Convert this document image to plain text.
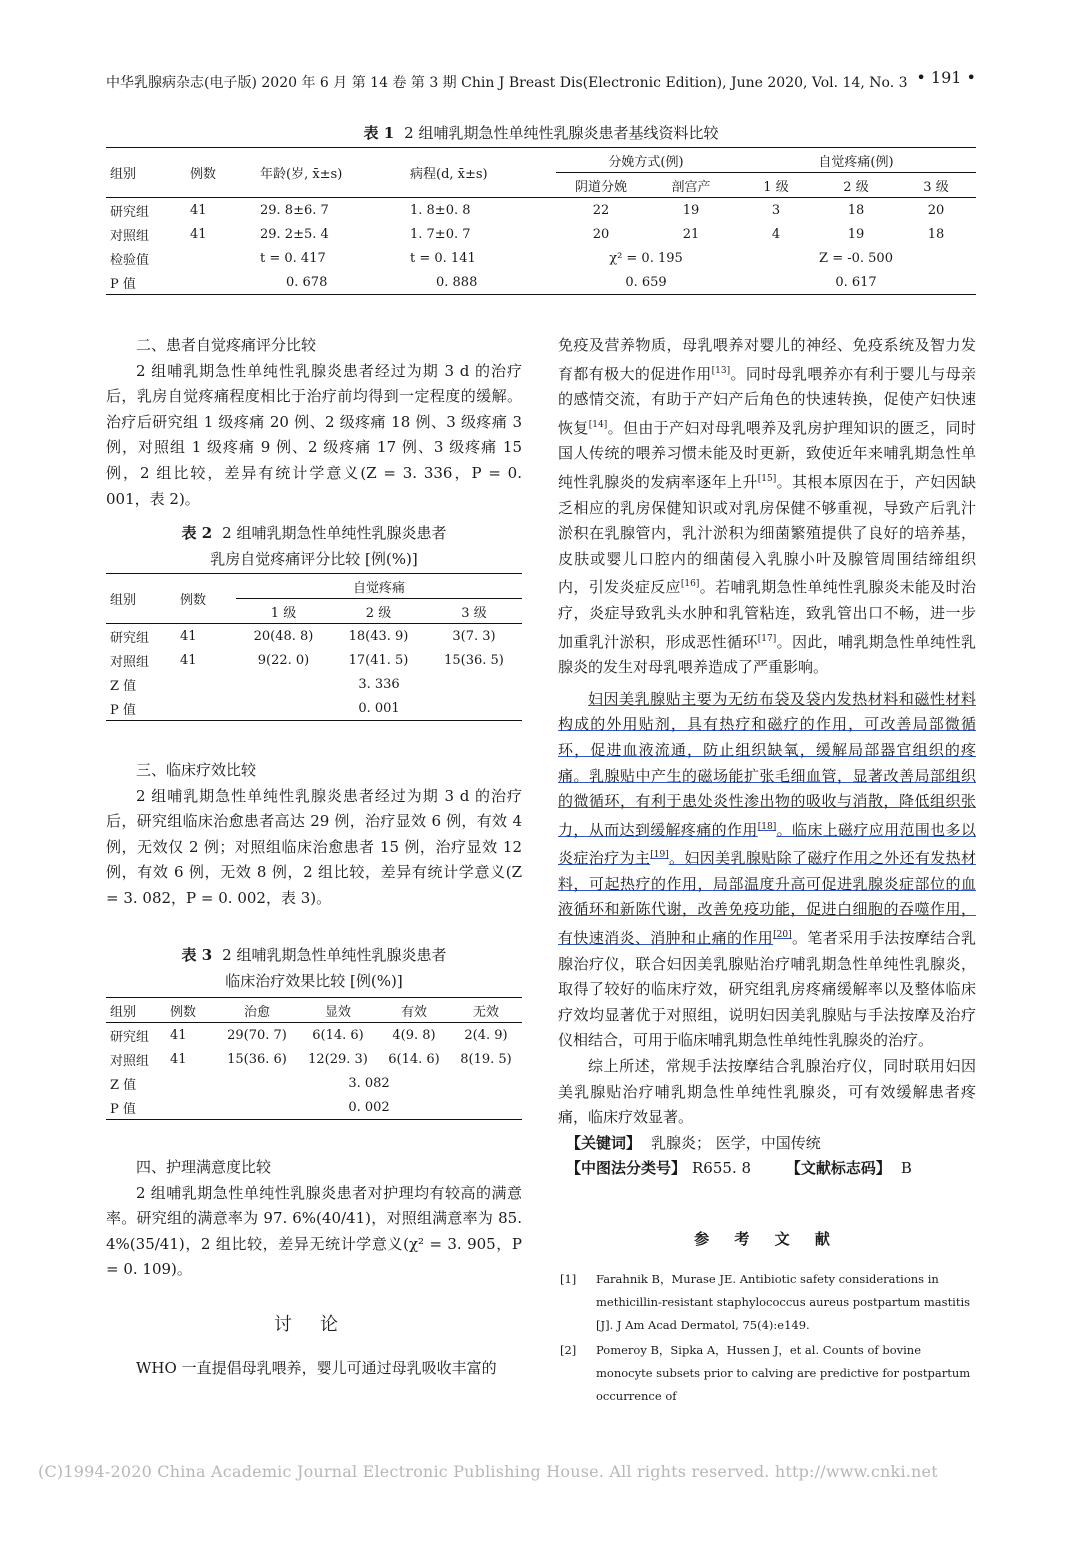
中华乳腺病杂志(电子版) 2020 年 6 月 第 14 卷 第 3 期 Chin J Breast Dis(Electronic Edition), June 2020, Vol. 14, No. 3 • 191 •
表 1 2 组哺乳期急性单纯性乳腺炎患者基线资料比较
组别	例数	年龄(岁, x̄±s)	病程(d, x̄±s)	分娩方式(例)		自觉疼痛(例)		
				阴道分娩	剖宫产	1 级	2 级	3 级
研究组	41	29. 8±6. 7	1. 8±0. 8	22	19	3	18	20
对照组	41	29. 2±5. 4	1. 7±0. 7	20	21	4	19	18
检验值		t = 0. 417	t = 0. 141	χ² = 0. 195		Z = -0. 500		
P 值		0. 678	0. 888	0. 659		0. 617		
二、患者自觉疼痛评分比较

2 组哺乳期急性单纯性乳腺炎患者经过为期 3 d 的治疗后，乳房自觉疼痛程度相比于治疗前均得到一定程度的缓解。治疗后研究组 1 级疼痛 20 例、2 级疼痛 18 例、3 级疼痛 3 例，对照组 1 级疼痛 9 例、2 级疼痛 17 例、3 级疼痛 15 例，2 组比较，差异有统计学意义(Z = 3. 336，P = 0. 001，表 2)。

表 2 2 组哺乳期急性单纯性乳腺炎患者
乳房自觉疼痛评分比较 [例(%)]
组别	例数	自觉疼痛		
		1 级	2 级	3 级
研究组	41	20(48. 8)	18(43. 9)	3(7. 3)
对照组	41	9(22. 0)	17(41. 5)	15(36. 5)
Z 值		3. 336		
P 值		0. 001		
三、临床疗效比较

2 组哺乳期急性单纯性乳腺炎患者经过为期 3 d 的治疗后，研究组临床治愈患者高达 29 例，治疗显效 6 例，有效 4 例，无效仅 2 例；对照组临床治愈患者 15 例，治疗显效 12 例，有效 6 例，无效 8 例，2 组比较，差异有统计学意义(Z = 3. 082，P = 0. 002，表 3)。

表 3 2 组哺乳期急性单纯性乳腺炎患者
临床治疗效果比较 [例(%)]
组别	例数	治愈	显效	有效	无效
研究组	41	29(70. 7)	6(14. 6)	4(9. 8)	2(4. 9)
对照组	41	15(36. 6)	12(29. 3)	6(14. 6)	8(19. 5)
Z 值		3. 082			
P 值		0. 002			
四、护理满意度比较

2 组哺乳期急性单纯性乳腺炎患者对护理均有较高的满意率。研究组的满意率为 97. 6%(40/41)，对照组满意率为 85. 4%(35/41)，2 组比较，差异无统计学意义(χ² = 3. 905，P = 0. 109)。

讨论

WHO 一直提倡母乳喂养，婴儿可通过母乳吸收丰富的

免疫及营养物质，母乳喂养对婴儿的神经、免疫系统及智力发育都有极大的促进作用[13]。同时母乳喂养亦有利于婴儿与母亲的感情交流，有助于产妇产后角色的快速转换，促使产妇快速恢复[14]。但由于产妇对母乳喂养及乳房护理知识的匮乏，同时国人传统的喂养习惯未能及时更新，致使近年来哺乳期急性单纯性乳腺炎的发病率逐年上升[15]。其根本原因在于，产妇因缺乏相应的乳房保健知识或对乳房保健不够重视，导致产后乳汁淤积在乳腺管内，乳汁淤积为细菌繁殖提供了良好的培养基，皮肤或婴儿口腔内的细菌侵入乳腺小叶及腺管周围结缔组织内，引发炎症反应[16]。若哺乳期急性单纯性乳腺炎未能及时治疗，炎症导致乳头水肿和乳管粘连，致乳管出口不畅，进一步加重乳汁淤积，形成恶性循环[17]。因此，哺乳期急性单纯性乳腺炎的发生对母乳喂养造成了严重影响。

妇因美乳腺贴主要为无纺布袋及袋内发热材料和磁性材料构成的外用贴剂，具有热疗和磁疗的作用，可改善局部微循环，促进血液流通，防止组织缺氧，缓解局部器官组织的疼痛。乳腺贴中产生的磁场能扩张毛细血管，显著改善局部组织的微循环，有利于患处炎性渗出物的吸收与消散，降低组织张力，从而达到缓解疼痛的作用[18]。临床上磁疗应用范围也多以炎症治疗为主[19]。妇因美乳腺贴除了磁疗作用之外还有发热材料，可起热疗的作用，局部温度升高可促进乳腺炎症部位的血液循环和新陈代谢，改善免疫功能，促进白细胞的吞噬作用，有快速消炎、消肿和止痛的作用[20]。笔者采用手法按摩结合乳腺治疗仪，联合妇因美乳腺贴治疗哺乳期急性单纯性乳腺炎，取得了较好的临床疗效，研究组乳房疼痛缓解率以及整体临床疗效均显著优于对照组，说明妇因美乳腺贴与手法按摩及治疗仪相结合，可用于临床哺乳期急性单纯性乳腺炎的治疗。

综上所述，常规手法按摩结合乳腺治疗仪，同时联用妇因美乳腺贴治疗哺乳期急性单纯性乳腺炎，可有效缓解患者疼痛，临床疗效显著。

【关键词】 乳腺炎； 医学，中国传统
【中图法分类号】 R655. 8 【文献标志码】 B
参 考 文 献
[1] Farahnik B，Murase JE. Antibiotic safety considerations in methicillin-resistant staphylococcus aureus postpartum mastitis [J]. J Am Acad Dermatol, 75(4):e149.
[2] Pomeroy B，Sipka A，Hussen J，et al. Counts of bovine monocyte subsets prior to calving are predictive for postpartum occurrence of
(C)1994-2020 China Academic Journal Electronic Publishing House. All rights reserved. http://www.cnki.net
